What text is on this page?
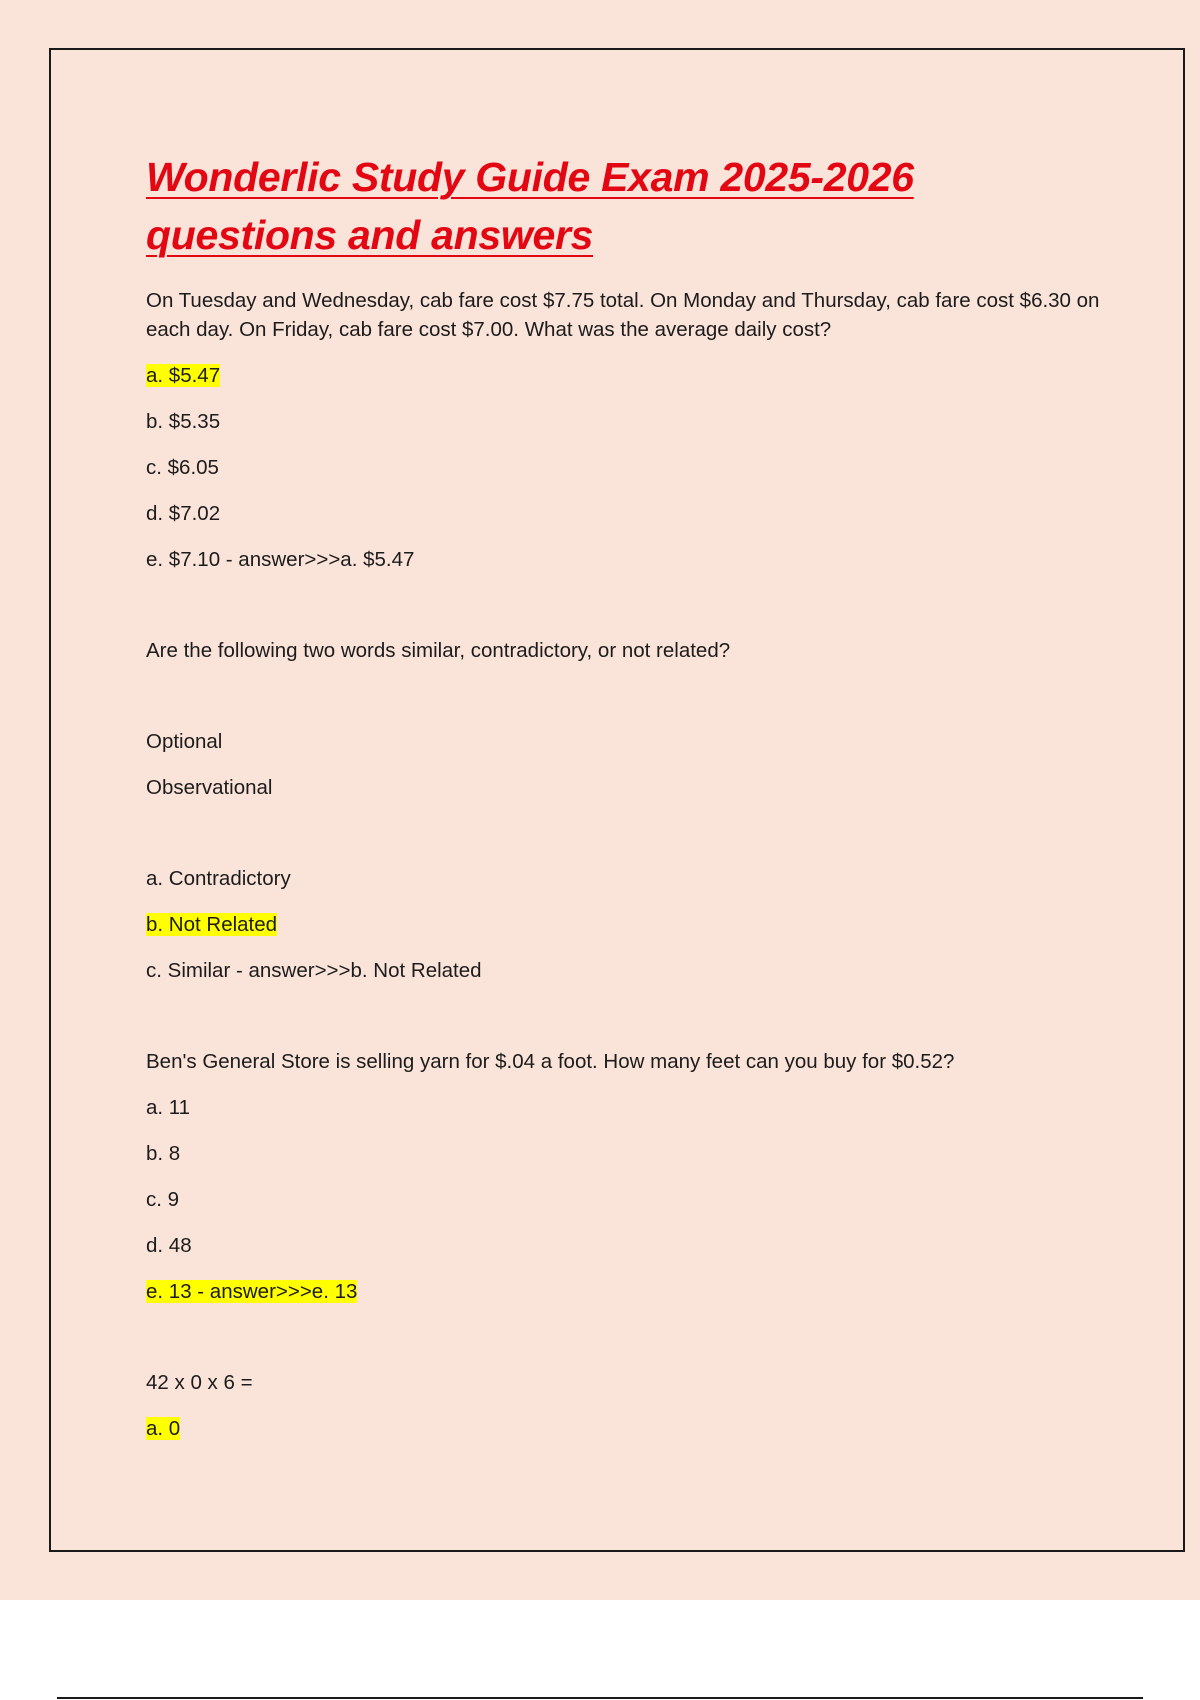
Wonderlic Study Guide Exam 2025-2026
questions and answers

On Tuesday and Wednesday, cab fare cost $7.75 total. On Monday and Thursday, cab fare cost $6.30 on each day. On Friday, cab fare cost $7.00. What was the average daily cost?

a. $5.47

b. $5.35

c. $6.05

d. $7.02

e. $7.10 - answer>>>a. $5.47

Are the following two words similar, contradictory, or not related?

Optional

Observational

a. Contradictory

b. Not Related

c. Similar - answer>>>b. Not Related

Ben's General Store is selling yarn for $.04 a foot. How many feet can you buy for $0.52?

a. 11

b. 8

c. 9

d. 48

e. 13 - answer>>>e. 13

42 x 0 x 6 =

a. 0
